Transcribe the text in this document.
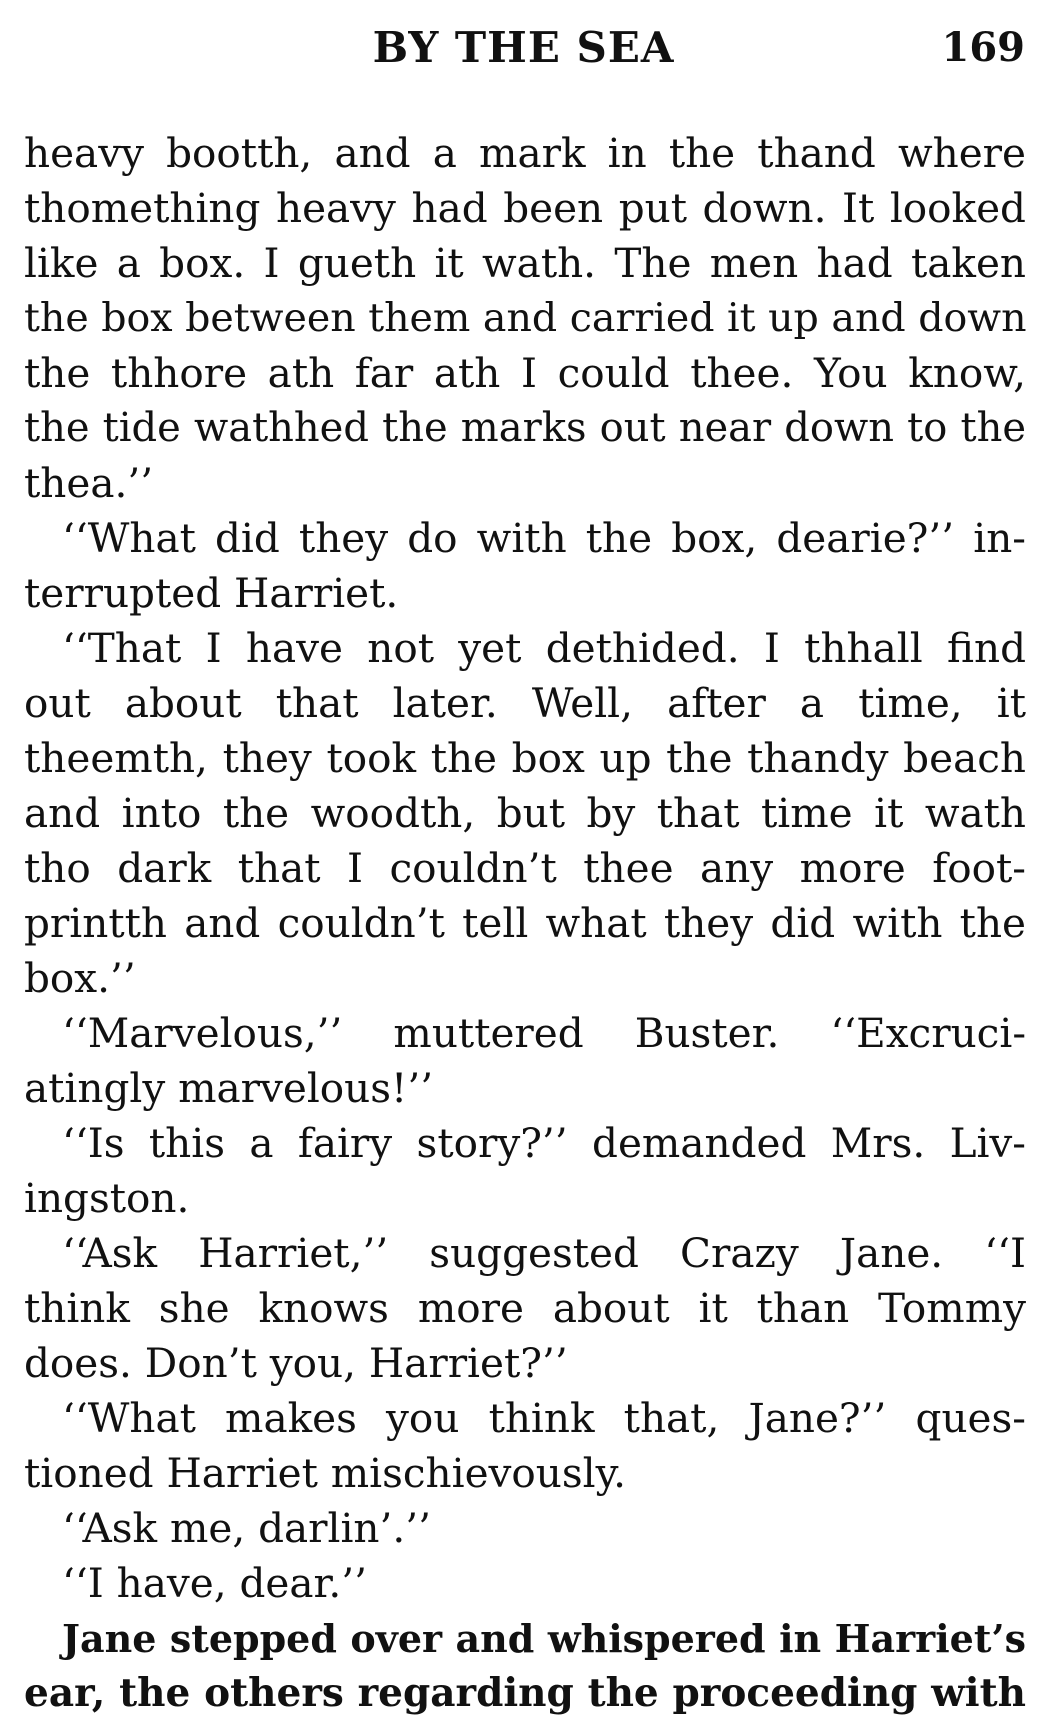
BY THE SEA	169
heavy bootth, and a mark in the thand where
thomething heavy had been put down. It looked
like a box. I gueth it wath. The men had taken
the box between them and carried it up and down
the thhore ath far ath I could thee. You know,
the tide wathhed the marks out near down to the
thea.’’
‘‘What did they do with the box, dearie?’’ in-
terrupted Harriet.
‘‘That I have not yet dethided. I thhall find
out about that later. Well, after a time, it
theemth, they took the box up the thandy beach
and into the woodth, but by that time it wath
tho dark that I couldn’t thee any more foot-
printth and couldn’t tell what they did with the
box.’’
‘‘Marvelous,’’ muttered Buster. ‘‘Excruci-
atingly marvelous!’’
‘‘Is this a fairy story?’’ demanded Mrs. Liv-
ingston.
‘‘Ask Harriet,’’ suggested Crazy Jane. ‘‘I
think she knows more about it than Tommy
does. Don’t you, Harriet?’’
‘‘What makes you think that, Jane?’’ ques-
tioned Harriet mischievously.
‘‘Ask me, darlin’.’’
‘‘I have, dear.’’
Jane stepped over and whispered in Harriet’s
ear, the others regarding the proceeding with
